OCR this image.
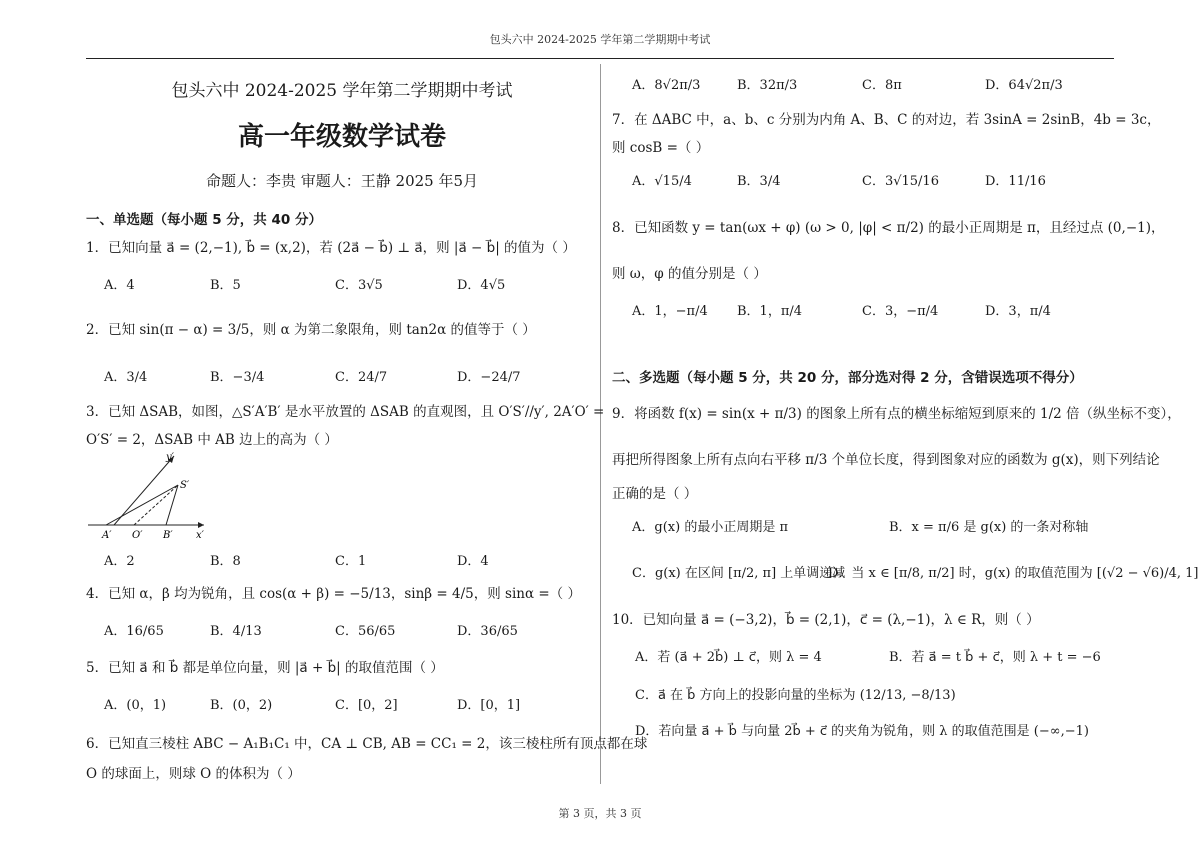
包头六中 2024-2025 学年第二学期期中考试
包头六中 2024-2025 学年第二学期期中考试
高一年级数学试卷
命题人：李贵 审题人：王静 2025 年5月
一、单选题（每小题 5 分，共 40 分）
1．已知向量 a⃗ = (2,−1), b⃗ = (x,2)，若 (2a⃗ − b⃗) ⊥ a⃗，则 |a⃗ − b⃗| 的值为（ ）
A．4	B．5	C．3√5	D．4√5
2．已知 sin(π − α) = 3/5，则 α 为第二象限角，则 tan2α 的值等于（ ）
A．3/4	B．−3/4	C．24/7	D．−24/7
3．已知 ΔSAB，如图，△S′A′B′ 是水平放置的 ΔSAB 的直观图，且 O′S′//y′, 2A′O′ =
O′S′ = 2，ΔSAB 中 AB 边上的高为（ ）
y′
S′
A′ O′ B′ x′
A．2	B．8	C．1	D．4
4．已知 α，β 均为锐角，且 cos(α + β) = −5/13，sinβ = 4/5，则 sinα =（ ）
A．16/65	B．4/13	C．56/65	D．36/65
5．已知 a⃗ 和 b⃗ 都是单位向量，则 |a⃗ + b⃗| 的取值范围（ ）
A．(0，1)	B．(0，2)	C．[0，2]	D．[0，1]
6．已知直三棱柱 ABC − A₁B₁C₁ 中，CA ⊥ CB, AB = CC₁ = 2，该三棱柱所有顶点都在球
O 的球面上，则球 O 的体积为（ ）
A．8√2π/3	B．32π/3	C．8π	D．64√2π/3
7．在 ΔABC 中，a、b、c 分别为内角 A、B、C 的对边，若 3sinA = 2sinB，4b = 3c，
则 cosB =（ ）
A．√15/4	B．3/4	C．3√15/16	D．11/16
8．已知函数 y = tan(ωx + φ) (ω > 0, |φ| < π/2) 的最小正周期是 π，且经过点 (0,−1)，
则 ω，φ 的值分别是（ ）
A．1，−π/4 B．1，π/4	C．3，−π/4	D．3，π/4
二、多选题（每小题 5 分，共 20 分，部分选对得 2 分，含错误选项不得分）
9．将函数 f(x) = sin(x + π/3) 的图象上所有点的横坐标缩短到原来的 1/2 倍（纵坐标不变），
再把所得图象上所有点向右平移 π/3 个单位长度，得到图象对应的函数为 g(x)，则下列结论
正确的是（ ）
A．g(x) 的最小正周期是 π	B．x = π/6 是 g(x) 的一条对称轴
C．g(x) 在区间 [π/2, π] 上单调递减
D．当 x ∈ [π/8, π/2] 时，g(x) 的取值范围为 [(√2 − √6)/4, 1]
10．已知向量 a⃗ = (−3,2)，b⃗ = (2,1)，c⃗ = (λ,−1)，λ ∈ R，则（ ）
A．若 (a⃗ + 2b⃗) ⊥ c⃗，则 λ = 4	B．若 a⃗ = t b⃗ + c⃗，则 λ + t = −6
C．a⃗ 在 b⃗ 方向上的投影向量的坐标为 (12/13, −8/13)
D．若向量 a⃗ + b⃗ 与向量 2b⃗ + c⃗ 的夹角为锐角，则 λ 的取值范围是 (−∞,−1)
第 3 页，共 3 页
